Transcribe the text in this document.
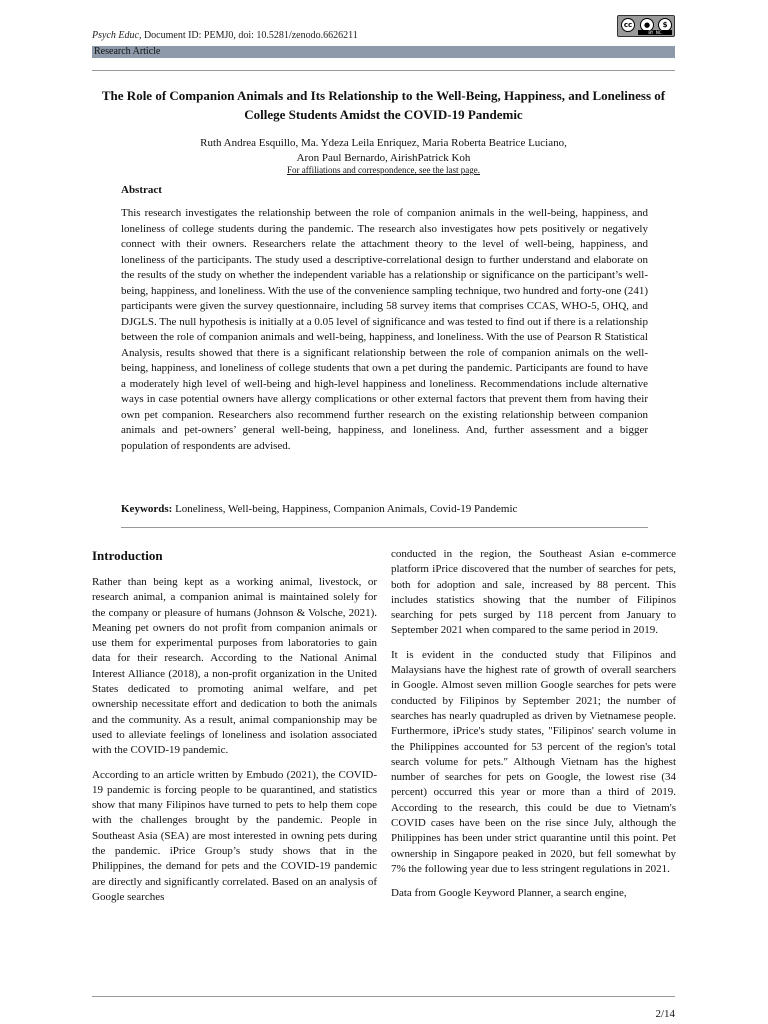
Psych Educ, Document ID: PEMJ0, doi: 10.5281/zenodo.6626211
cc	●	$
BY NC
Research Article
The Role of Companion Animals and Its Relationship to the Well-Being, Happiness, and Loneliness of College Students Amidst the COVID-19 Pandemic
Ruth Andrea Esquillo, Ma. Ydeza Leila Enriquez, Maria Roberta Beatrice Luciano,
Aron Paul Bernardo, AirishPatrick Koh
For affiliations and correspondence, see the last page.
Abstract
This research investigates the relationship between the role of companion animals in the well-being, happiness, and loneliness of college students during the pandemic. The research also investigates how pets positively or negatively connect with their owners. Researchers relate the attachment theory to the level of well-being, happiness, and loneliness of the participants. The study used a descriptive-correlational design to further understand and elaborate on the results of the study on whether the independent variable has a relationship or significance on the participant’s well-being, happiness, and loneliness. With the use of the convenience sampling technique, two hundred and forty-one (241) participants were given the survey questionnaire, including 58 survey items that comprises CCAS, WHO-5, OHQ, and DJGLS. The null hypothesis is initially at a 0.05 level of significance and was tested to find out if there is a relationship between the role of companion animals and well-being, happiness, and loneliness. With the use of Pearson R Statistical Analysis, results showed that there is a significant relationship between the role of companion animals on the well-being, happiness, and loneliness of college students that own a pet during the pandemic. Participants are found to have a moderately high level of well-being and high-level happiness and loneliness. Recommendations include alternative ways in case potential owners have allergy complications or other external factors that prevent them from having their own pet companion. Researchers also recommend further research on the existing relationship between companion animals and pet-owners’ general well-being, happiness, and loneliness. And, further assessment and a bigger population of respondents are advised.
Keywords: Loneliness, Well-being, Happiness, Companion Animals, Covid-19 Pandemic
Introduction

Rather than being kept as a working animal, livestock, or research animal, a companion animal is maintained solely for the company or pleasure of humans (Johnson & Volsche, 2021). Meaning pet owners do not profit from companion animals or use them for experimental purposes from laboratories to gain data for their research. According to the National Animal Interest Alliance (2018), a non-profit organization in the United States dedicated to promoting animal welfare, and pet ownership necessitate effort and dedication to both the animals and the community. As a result, animal companionship may be used to alleviate feelings of loneliness and isolation associated with the COVID-19 pandemic.

According to an article written by Embudo (2021), the COVID-19 pandemic is forcing people to be quarantined, and statistics show that many Filipinos have turned to pets to help them cope with the challenges brought by the pandemic. People in Southeast Asia (SEA) are most interested in owning pets during the pandemic. iPrice Group’s study shows that in the Philippines, the demand for pets and the COVID-19 pandemic are directly and significantly correlated. Based on an analysis of Google searches

conducted in the region, the Southeast Asian e-commerce platform iPrice discovered that the number of searches for pets, both for adoption and sale, increased by 88 percent. This includes statistics showing that the number of Filipinos searching for pets surged by 118 percent from January to September 2021 when compared to the same period in 2019.

It is evident in the conducted study that Filipinos and Malaysians have the highest rate of growth of overall searchers in Google. Almost seven million Google searches for pets were conducted by Filipinos by September 2021; the number of searches has nearly quadrupled as driven by Vietnamese people. Furthermore, iPrice's study states, "Filipinos' search volume in the Philippines accounted for 53 percent of the region's total search volume for pets." Although Vietnam has the highest number of searches for pets on Google, the lowest rise (34 percent) occurred this year or more than a third of 2019. According to the research, this could be due to Vietnam's COVID cases have been on the rise since July, although the Philippines has been under strict quarantine until this point. Pet ownership in Singapore peaked in 2020, but fell somewhat by 7% the following year due to less stringent regulations in 2021.

Data from Google Keyword Planner, a search engine,

2/14
